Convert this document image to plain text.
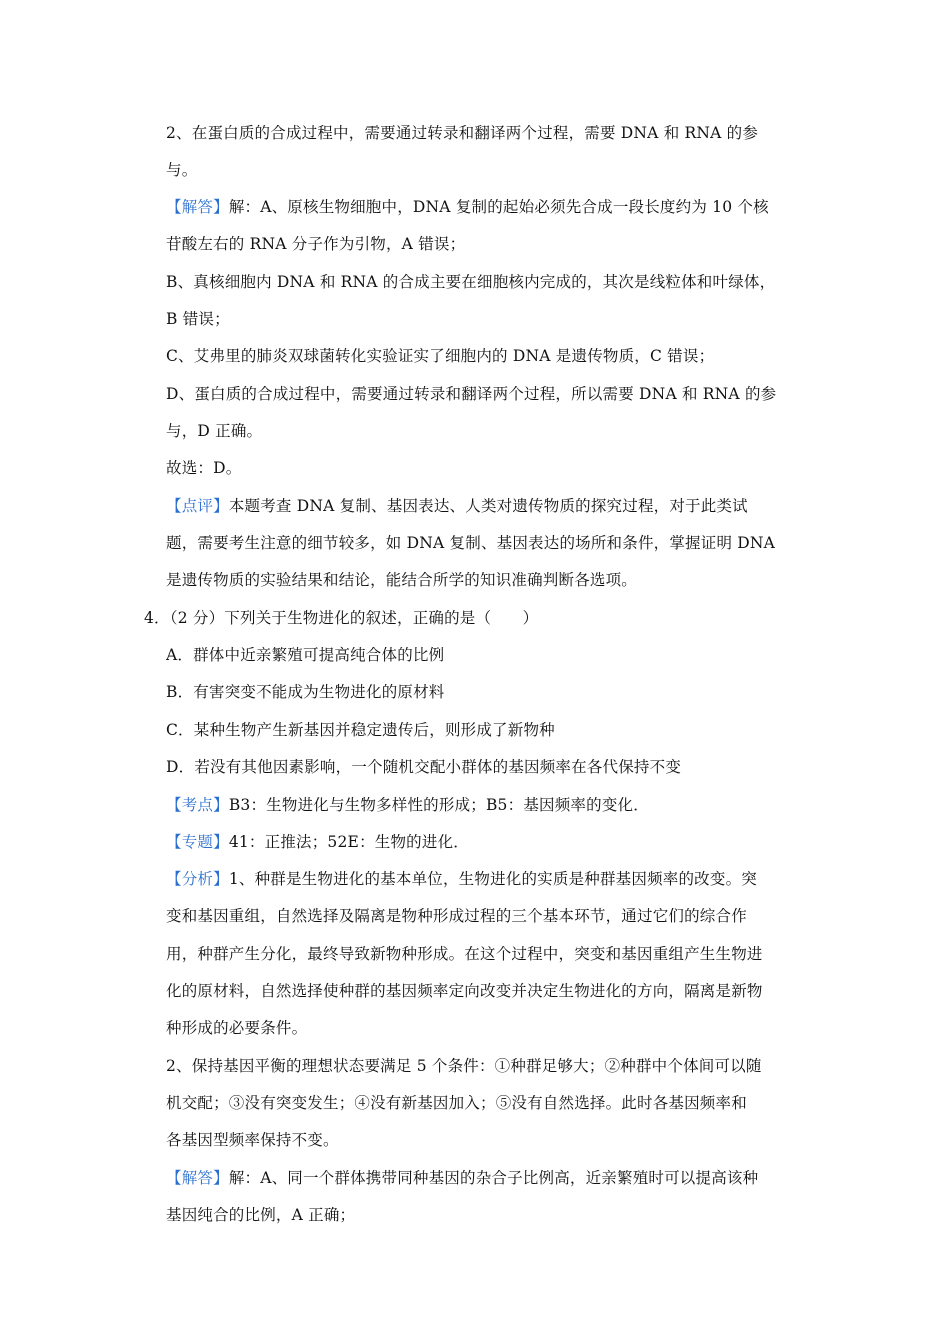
2、在蛋白质的合成过程中，需要通过转录和翻译两个过程，需要 DNA 和 RNA 的参
与。
【解答】解：A、原核生物细胞中，DNA 复制的起始必须先合成一段长度约为 10 个核
苷酸左右的 RNA 分子作为引物，A 错误；
B、真核细胞内 DNA 和 RNA 的合成主要在细胞核内完成的，其次是线粒体和叶绿体，
B 错误；
C、艾弗里的肺炎双球菌转化实验证实了细胞内的 DNA 是遗传物质，C 错误；
D、蛋白质的合成过程中，需要通过转录和翻译两个过程，所以需要 DNA 和 RNA 的参
与，D 正确。
故选：D。
【点评】本题考查 DNA 复制、基因表达、人类对遗传物质的探究过程，对于此类试
题，需要考生注意的细节较多，如 DNA 复制、基因表达的场所和条件，掌握证明 DNA
是遗传物质的实验结果和结论，能结合所学的知识准确判断各选项。
4．（2 分）下列关于生物进化的叙述，正确的是（　　）
A．群体中近亲繁殖可提高纯合体的比例
B．有害突变不能成为生物进化的原材料
C．某种生物产生新基因并稳定遗传后，则形成了新物种
D．若没有其他因素影响，一个随机交配小群体的基因频率在各代保持不变
【考点】B3：生物进化与生物多样性的形成；B5：基因频率的变化．
【专题】41：正推法；52E：生物的进化．
【分析】1、种群是生物进化的基本单位，生物进化的实质是种群基因频率的改变。突
变和基因重组，自然选择及隔离是物种形成过程的三个基本环节，通过它们的综合作
用，种群产生分化，最终导致新物种形成。在这个过程中，突变和基因重组产生生物进
化的原材料，自然选择使种群的基因频率定向改变并决定生物进化的方向，隔离是新物
种形成的必要条件。
2、保持基因平衡的理想状态要满足 5 个条件：①种群足够大；②种群中个体间可以随
机交配；③没有突变发生；④没有新基因加入；⑤没有自然选择。此时各基因频率和
各基因型频率保持不变。
【解答】解：A、同一个群体携带同种基因的杂合子比例高，近亲繁殖时可以提高该种
基因纯合的比例，A 正确；
